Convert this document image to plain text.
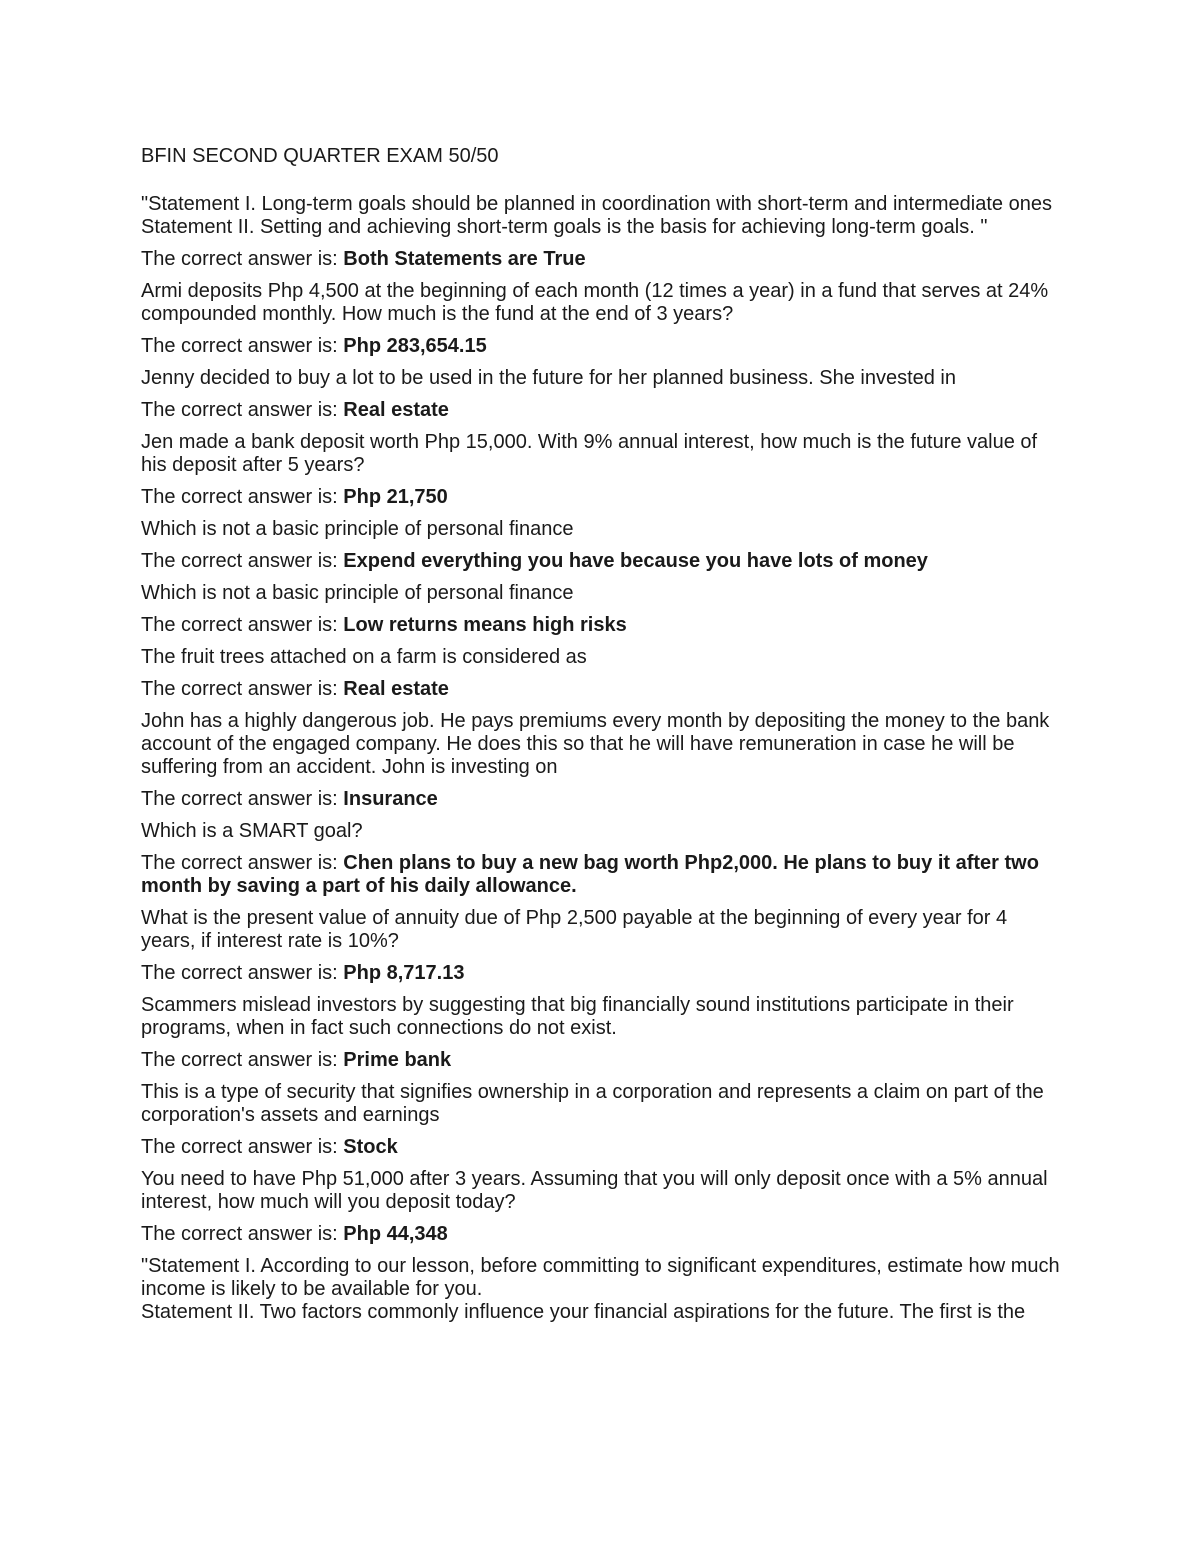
BFIN SECOND QUARTER EXAM 50/50
"Statement I. Long-term goals should be planned in coordination with short-term and intermediate ones
Statement II. Setting and achieving short-term goals is the basis for achieving long-term goals. "
The correct answer is: Both Statements are True
Armi deposits Php 4,500 at the beginning of each month (12 times a year) in a fund that serves at 24% compounded monthly. How much is the fund at the end of 3 years?
The correct answer is: Php 283,654.15
Jenny decided to buy a lot to be used in the future for her planned business. She invested in
The correct answer is: Real estate
Jen made a bank deposit worth Php 15,000. With 9% annual interest, how much is the future value of his deposit after 5 years?
The correct answer is: Php 21,750
Which is not a basic principle of personal finance
The correct answer is: Expend everything you have because you have lots of money
Which is not a basic principle of personal finance
The correct answer is: Low returns means high risks
The fruit trees attached on a farm is considered as
The correct answer is: Real estate
John has a highly dangerous job. He pays premiums every month by depositing the money to the bank account of the engaged company. He does this so that he will have remuneration in case he will be suffering from an accident. John is investing on
The correct answer is: Insurance
Which is a SMART goal?
The correct answer is: Chen plans to buy a new bag worth Php2,000. He plans to buy it after two month by saving a part of his daily allowance.
What is the present value of annuity due of Php 2,500 payable at the beginning of every year for 4 years, if interest rate is 10%?
The correct answer is: Php 8,717.13
Scammers mislead investors by suggesting that big financially sound institutions participate in their programs, when in fact such connections do not exist.
The correct answer is: Prime bank
This is a type of security that signifies ownership in a corporation and represents a claim on part of the corporation's assets and earnings
The correct answer is: Stock
You need to have Php 51,000 after 3 years. Assuming that you will only deposit once with a 5% annual interest, how much will you deposit today?
The correct answer is: Php 44,348
"Statement I. According to our lesson, before committing to significant expenditures, estimate how much income is likely to be available for you.
Statement II. Two factors commonly influence your financial aspirations for the future. The first is the
